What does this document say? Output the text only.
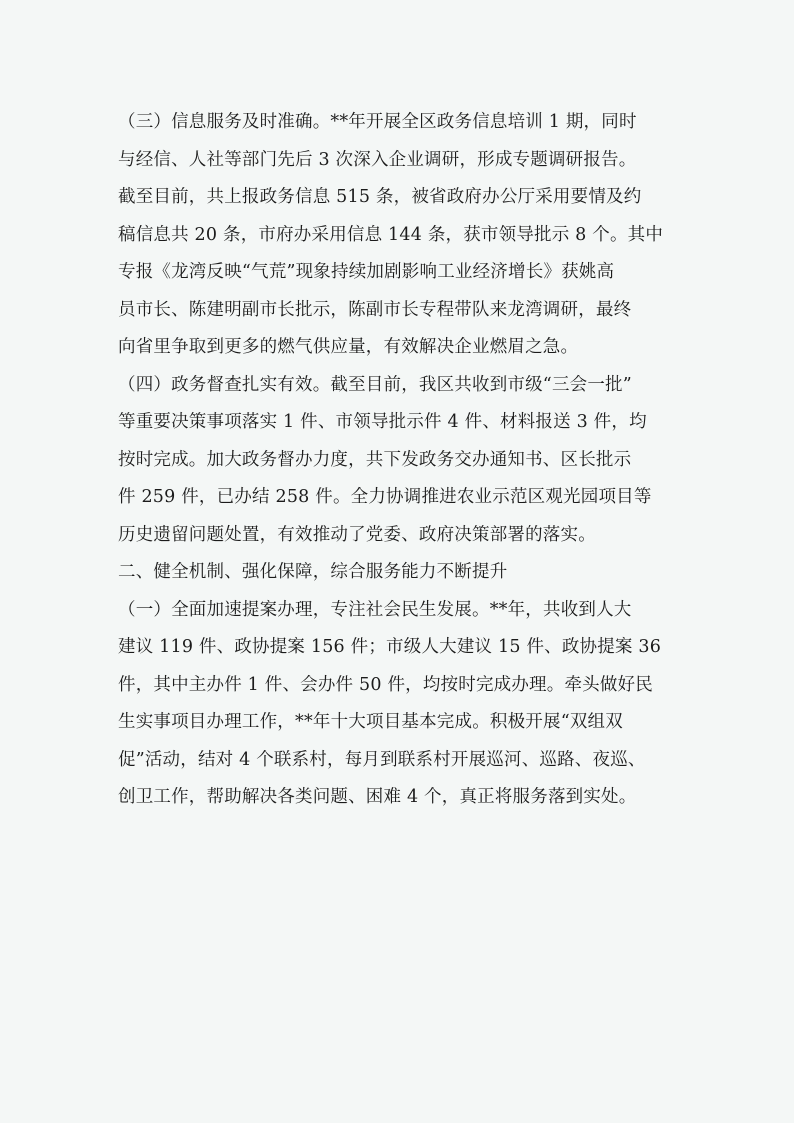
（三）信息服务及时准确。**年开展全区政务信息培训 1 期，同时
与经信、人社等部门先后 3 次深入企业调研，形成专题调研报告。
截至目前，共上报政务信息 515 条，被省政府办公厅采用要情及约
稿信息共 20 条，市府办采用信息 144 条，获市领导批示 8 个。其中
专报《龙湾反映“气荒”现象持续加剧影响工业经济增长》获姚高
员市长、陈建明副市长批示，陈副市长专程带队来龙湾调研，最终
向省里争取到更多的燃气供应量，有效解决企业燃眉之急。
（四）政务督查扎实有效。截至目前，我区共收到市级“三会一批”
等重要决策事项落实 1 件、市领导批示件 4 件、材料报送 3 件，均
按时完成。加大政务督办力度，共下发政务交办通知书、区长批示
件 259 件，已办结 258 件。全力协调推进农业示范区观光园项目等
历史遗留问题处置，有效推动了党委、政府决策部署的落实。
二、健全机制、强化保障，综合服务能力不断提升
（一）全面加速提案办理，专注社会民生发展。**年，共收到人大
建议 119 件、政协提案 156 件；市级人大建议 15 件、政协提案 36
件，其中主办件 1 件、会办件 50 件，均按时完成办理。牵头做好民
生实事项目办理工作，**年十大项目基本完成。积极开展“双组双
促”活动，结对 4 个联系村，每月到联系村开展巡河、巡路、夜巡、
创卫工作，帮助解决各类问题、困难 4 个，真正将服务落到实处。
